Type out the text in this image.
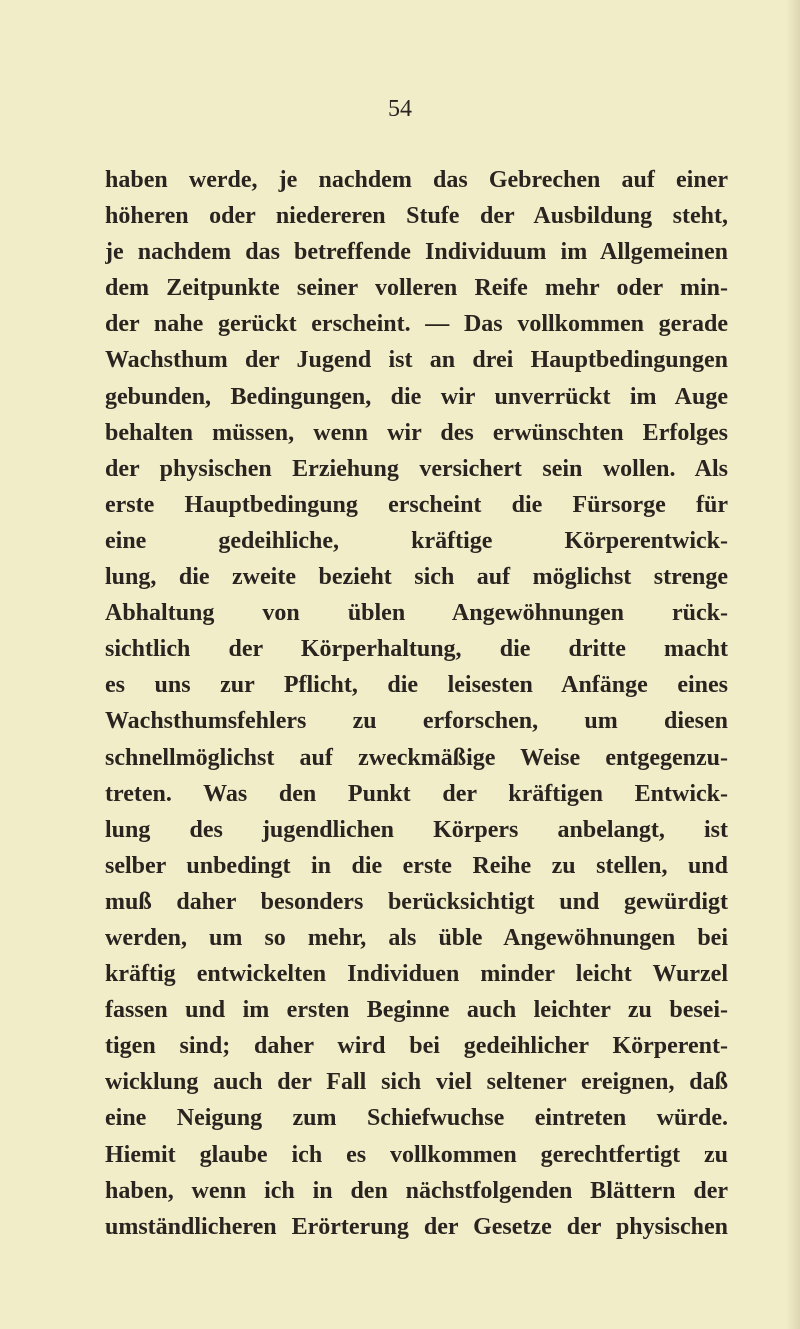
54
haben werde, je nachdem das Gebrechen auf einer
höheren oder niedereren Stufe der Ausbildung steht,
je nachdem das betreffende Individuum im Allgemeinen
dem Zeitpunkte seiner volleren Reife mehr oder min-
der nahe gerückt erscheint. — Das vollkommen gerade
Wachsthum der Jugend ist an drei Hauptbedingungen
gebunden, Bedingungen, die wir unverrückt im Auge
behalten müssen, wenn wir des erwünschten Erfolges
der physischen Erziehung versichert sein wollen. Als
erste Hauptbedingung erscheint die Fürsorge für
eine gedeihliche, kräftige Körperentwick-
lung, die zweite bezieht sich auf möglichst strenge
Abhaltung von üblen Angewöhnungen rück-
sichtlich der Körperhaltung, die dritte macht
es uns zur Pflicht, die leisesten Anfänge eines
Wachsthumsfehlers zu erforschen, um diesen
schnellmöglichst auf zweckmäßige Weise entgegenzu-
treten. Was den Punkt der kräftigen Entwick-
lung des jugendlichen Körpers anbelangt, ist
selber unbedingt in die erste Reihe zu stellen, und
muß daher besonders berücksichtigt und gewürdigt
werden, um so mehr, als üble Angewöhnungen bei
kräftig entwickelten Individuen minder leicht Wurzel
fassen und im ersten Beginne auch leichter zu besei-
tigen sind; daher wird bei gedeihlicher Körperent-
wicklung auch der Fall sich viel seltener ereignen, daß
eine Neigung zum Schiefwuchse eintreten würde.
Hiemit glaube ich es vollkommen gerechtfertigt zu
haben, wenn ich in den nächstfolgenden Blättern der
umständlicheren Erörterung der Gesetze der physischen
